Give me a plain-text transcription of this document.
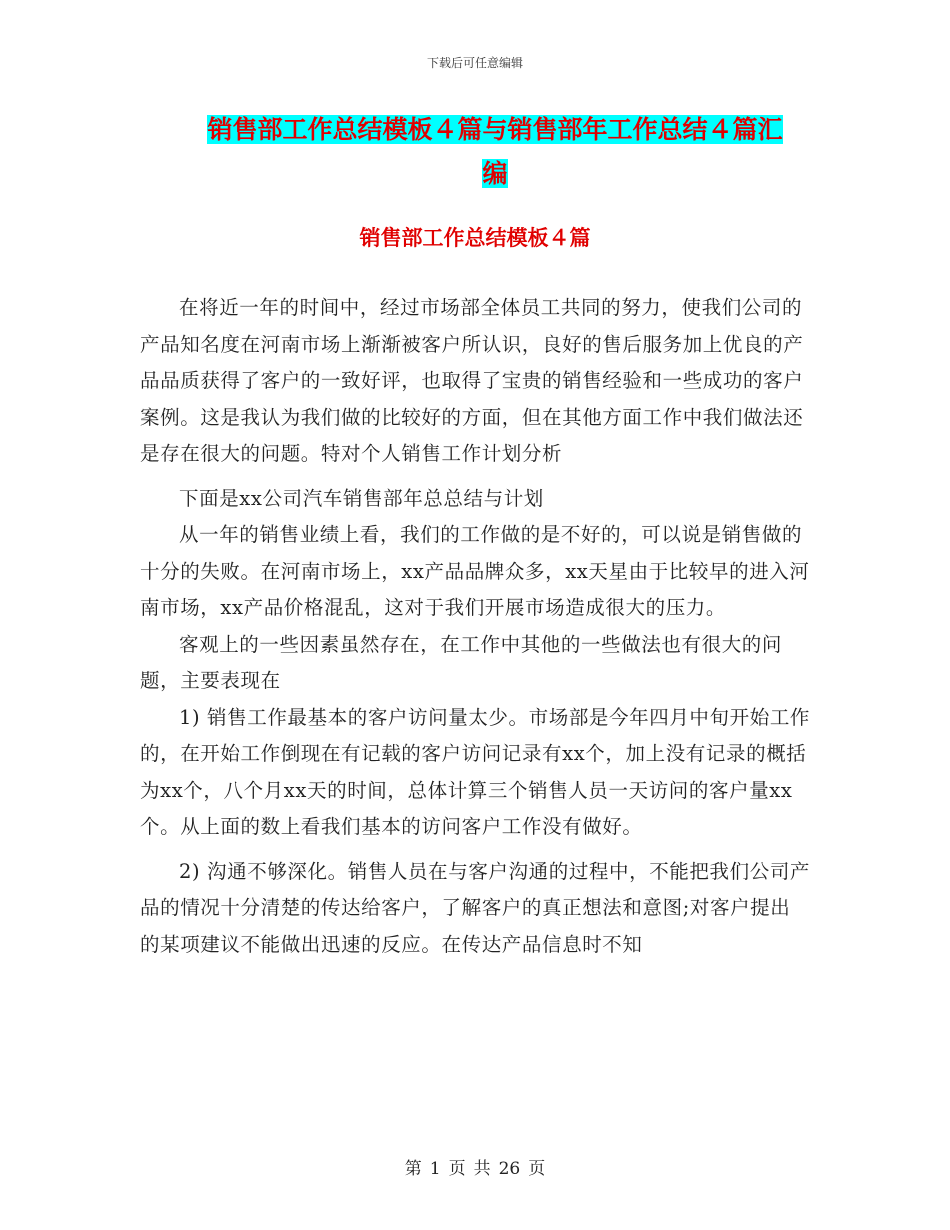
下载后可任意编辑
销售部工作总结模板４篇与销售部年工作总结４篇汇
编
销售部工作总结模板４篇

在将近一年的时间中，经过市场部全体员工共同的努力，使我们公司的产品知名度在河南市场上渐渐被客户所认识，良好的售后服务加上优良的产品品质获得了客户的一致好评，也取得了宝贵的销售经验和一些成功的客户案例。这是我认为我们做的比较好的方面，但在其他方面工作中我们做法还是存在很大的问题。特对个人销售工作计划分析

下面是xx公司汽车销售部年总总结与计划

从一年的销售业绩上看，我们的工作做的是不好的，可以说是销售做的十分的失败。在河南市场上，xx产品品牌众多，xx天星由于比较早的进入河南市场，xx产品价格混乱，这对于我们开展市场造成很大的压力。

客观上的一些因素虽然存在，在工作中其他的一些做法也有很大的问题，主要表现在

1) 销售工作最基本的客户访问量太少。市场部是今年四月中旬开始工作的，在开始工作倒现在有记载的客户访问记录有xx个，加上没有记录的概括为xx个，八个月xx天的时间，总体计算三个销售人员一天访问的客户量xx个。从上面的数上看我们基本的访问客户工作没有做好。

2) 沟通不够深化。销售人员在与客户沟通的过程中，不能把我们公司产品的情况十分清楚的传达给客户，了解客户的真正想法和意图;对客户提出的某项建议不能做出迅速的反应。在传达产品信息时不知

第 1 页 共 26 页
